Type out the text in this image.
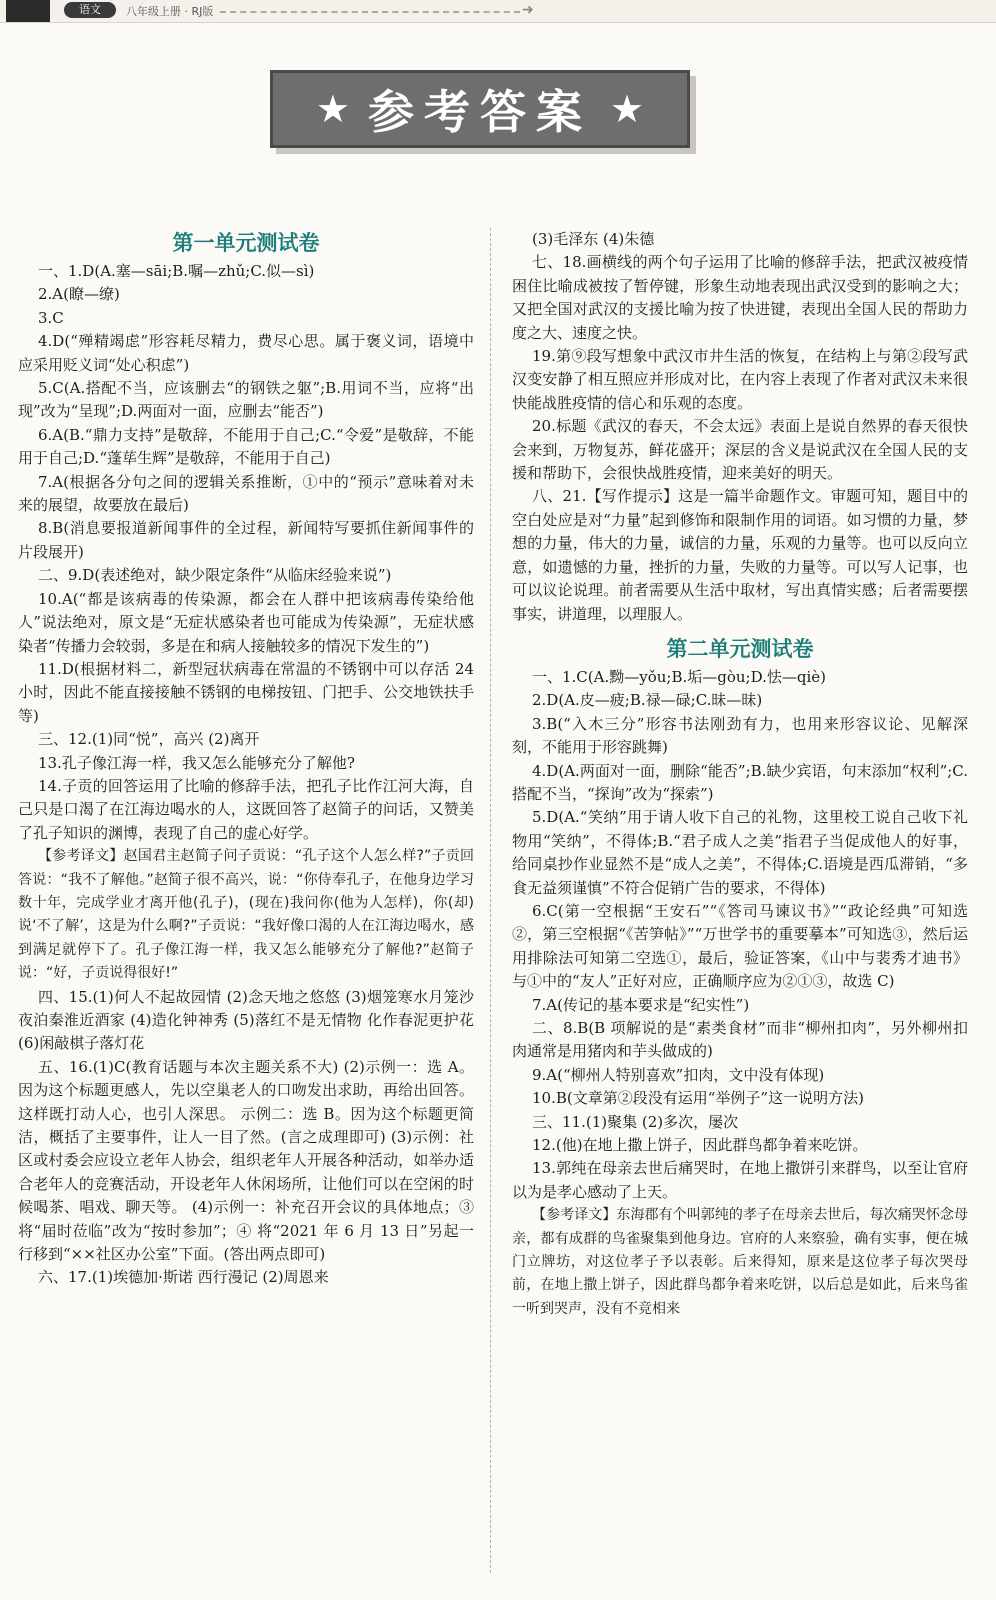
语文	八年级上册 · RJ版	➜
★ 参考答案 ★
第一单元测试卷

一、1.D(A.塞—sāi;B.嘱—zhǔ;C.似—sì)

2.A(瞭—缭)

3.C

4.D(“殚精竭虑”形容耗尽精力，费尽心思。属于褒义词，语境中应采用贬义词“处心积虑”)

5.C(A.搭配不当，应该删去“的钢铁之躯”;B.用词不当，应将“出现”改为“呈现”;D.两面对一面，应删去“能否”)

6.A(B.“鼎力支持”是敬辞，不能用于自己;C.“令爱”是敬辞，不能用于自己;D.“蓬荜生辉”是敬辞，不能用于自己)

7.A(根据各分句之间的逻辑关系推断，①中的“预示”意味着对未来的展望，故要放在最后)

8.B(消息要报道新闻事件的全过程，新闻特写要抓住新闻事件的片段展开)

二、9.D(表述绝对，缺少限定条件“从临床经验来说”)

10.A(“都是该病毒的传染源，都会在人群中把该病毒传染给他人”说法绝对，原文是“无症状感染者也可能成为传染源”，无症状感染者“传播力会较弱，多是在和病人接触较多的情况下发生的”)

11.D(根据材料二，新型冠状病毒在常温的不锈钢中可以存活 24 小时，因此不能直接接触不锈钢的电梯按钮、门把手、公交地铁扶手等)

三、12.(1)同“悦”，高兴 (2)离开

13.孔子像江海一样，我又怎么能够充分了解他?

14.子贡的回答运用了比喻的修辞手法，把孔子比作江河大海，自己只是口渴了在江海边喝水的人，这既回答了赵简子的问话，又赞美了孔子知识的渊博，表现了自己的虚心好学。

【参考译文】赵国君主赵简子问子贡说：“孔子这个人怎么样?”子贡回答说：“我不了解他。”赵简子很不高兴，说：“你侍奉孔子，在他身边学习数十年，完成学业才离开他(孔子)，(现在)我问你(他为人怎样)，你(却)说‘不了解’，这是为什么啊?”子贡说：“我好像口渴的人在江海边喝水，感到满足就停下了。孔子像江海一样，我又怎么能够充分了解他?”赵简子说：“好，子贡说得很好!”

四、15.(1)何人不起故园情 (2)念天地之悠悠 (3)烟笼寒水月笼沙 夜泊秦淮近酒家 (4)造化钟神秀 (5)落红不是无情物 化作春泥更护花 (6)闲敲棋子落灯花

五、16.(1)C(教育话题与本次主题关系不大) (2)示例一：选 A。因为这个标题更感人，先以空巢老人的口吻发出求助，再给出回答。这样既打动人心，也引人深思。 示例二：选 B。因为这个标题更简洁，概括了主要事件，让人一目了然。(言之成理即可) (3)示例：社区或村委会应设立老年人协会，组织老年人开展各种活动，如举办适合老年人的竞赛活动，开设老年人休闲场所，让他们可以在空闲的时候喝茶、唱戏、聊天等。 (4)示例一：补充召开会议的具体地点；③ 将“届时莅临”改为“按时参加”；④ 将“2021 年 6 月 13 日”另起一行移到“××社区办公室”下面。(答出两点即可)

六、17.(1)埃德加·斯诺 西行漫记 (2)周恩来

(3)毛泽东 (4)朱德

七、18.画横线的两个句子运用了比喻的修辞手法，把武汉被疫情困住比喻成被按了暂停键，形象生动地表现出武汉受到的影响之大；又把全国对武汉的支援比喻为按了快进键，表现出全国人民的帮助力度之大、速度之快。

19.第⑨段写想象中武汉市井生活的恢复，在结构上与第②段写武汉变安静了相互照应并形成对比，在内容上表现了作者对武汉未来很快能战胜疫情的信心和乐观的态度。

20.标题《武汉的春天，不会太远》表面上是说自然界的春天很快会来到，万物复苏，鲜花盛开；深层的含义是说武汉在全国人民的支援和帮助下，会很快战胜疫情，迎来美好的明天。

八、21.【写作提示】这是一篇半命题作文。审题可知，题目中的空白处应是对“力量”起到修饰和限制作用的词语。如习惯的力量，梦想的力量，伟大的力量，诚信的力量，乐观的力量等。也可以反向立意，如遗憾的力量，挫折的力量，失败的力量等。可以写人记事，也可以议论说理。前者需要从生活中取材，写出真情实感；后者需要摆事实，讲道理，以理服人。

第二单元测试卷

一、1.C(A.黝—yǒu;B.垢—gòu;D.怯—qiè)

2.D(A.皮—疲;B.禄—碌;C.昧—昧)

3.B(“入木三分”形容书法刚劲有力，也用来形容议论、见解深刻，不能用于形容跳舞)

4.D(A.两面对一面，删除“能否”;B.缺少宾语，句末添加“权利”;C.搭配不当，“探询”改为“探索”)

5.D(A.“笑纳”用于请人收下自己的礼物，这里校工说自己收下礼物用“笑纳”，不得体;B.“君子成人之美”指君子当促成他人的好事，给同桌抄作业显然不是“成人之美”，不得体;C.语境是西瓜滞销，“多食无益须谨慎”不符合促销广告的要求，不得体)

6.C(第一空根据“王安石”“《答司马谏议书》”“政论经典”可知选②，第三空根据“《苦笋帖》”“万世学书的重要摹本”可知选③，然后运用排除法可知第二空选①，最后，验证答案，《山中与裴秀才迪书》与①中的“友人”正好对应，正确顺序应为②①③，故选 C)

7.A(传记的基本要求是“纪实性”)

二、8.B(B 项解说的是“素类食材”而非“柳州扣肉”，另外柳州扣肉通常是用猪肉和芋头做成的)

9.A(“柳州人特别喜欢”扣肉，文中没有体现)

10.B(文章第②段没有运用“举例子”这一说明方法)

三、11.(1)聚集 (2)多次，屡次

12.(他)在地上撒上饼子，因此群鸟都争着来吃饼。

13.郭纯在母亲去世后痛哭时，在地上撒饼引来群鸟，以至让官府以为是孝心感动了上天。

【参考译文】东海郡有个叫郭纯的孝子在母亲去世后，每次痛哭怀念母亲，都有成群的鸟雀聚集到他身边。官府的人来察验，确有实事，便在城门立牌坊，对这位孝子予以表彰。后来得知，原来是这位孝子每次哭母前，在地上撒上饼子，因此群鸟都争着来吃饼，以后总是如此，后来鸟雀一听到哭声，没有不竞相来
